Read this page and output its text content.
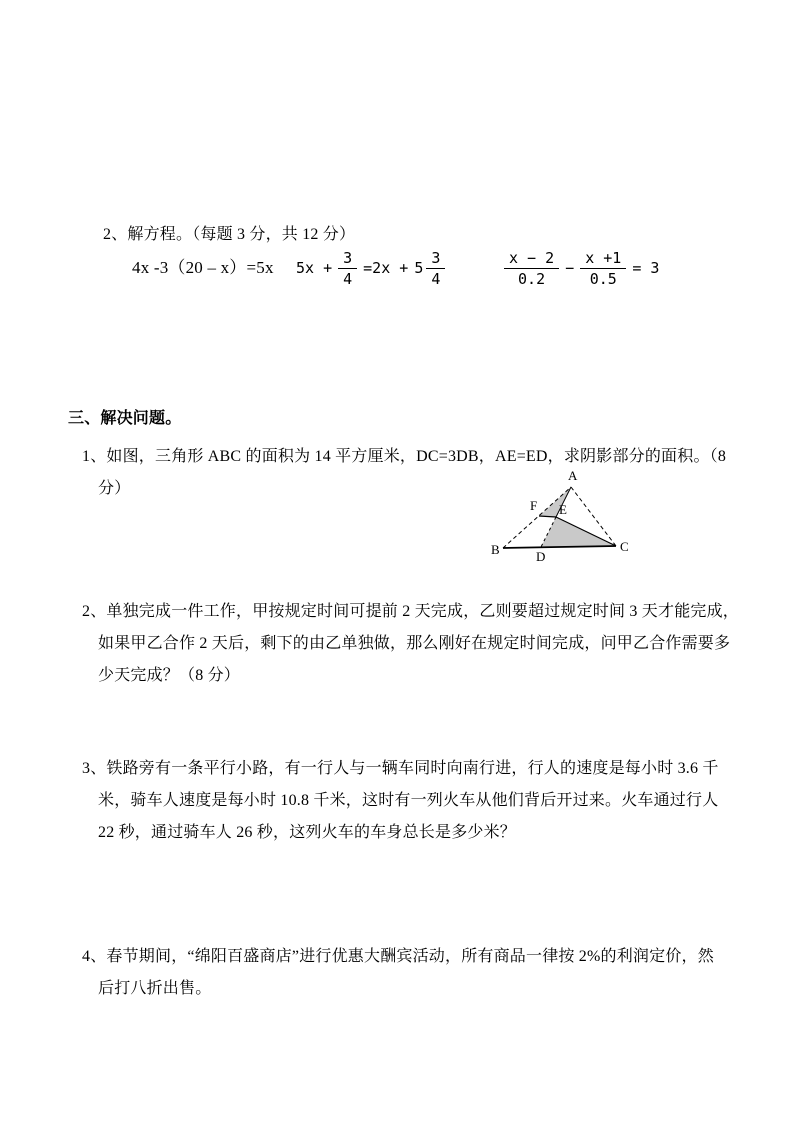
2、解方程。（每题 3 分，共 12 分）
4x -3（20 – x）=5x $5x + \frac{3}{4} =2x + 5 \frac{3}{4}$	$\frac{x - 2}{0.2} - \frac{x +1}{0.5} = 3$
三、解决问题。
1、如图，三角形 ABC 的面积为 14 平方厘米，DC=3DB，AE=ED，求阴影部分的面积。（8
分）
A
B	C
D
E
F
2、单独完成一件工作，甲按规定时间可提前 2 天完成，乙则要超过规定时间 3 天才能完成，
如果甲乙合作 2 天后，剩下的由乙单独做，那么刚好在规定时间完成，问甲乙合作需要多
少天完成？（8 分）
3、铁路旁有一条平行小路，有一行人与一辆车同时向南行进，行人的速度是每小时 3.6 千
米，骑车人速度是每小时 10.8 千米，这时有一列火车从他们背后开过来。火车通过行人
22 秒，通过骑车人 26 秒，这列火车的车身总长是多少米？
4、春节期间，“绵阳百盛商店”进行优惠大酬宾活动，所有商品一律按 2%的利润定价，然
后打八折出售。
